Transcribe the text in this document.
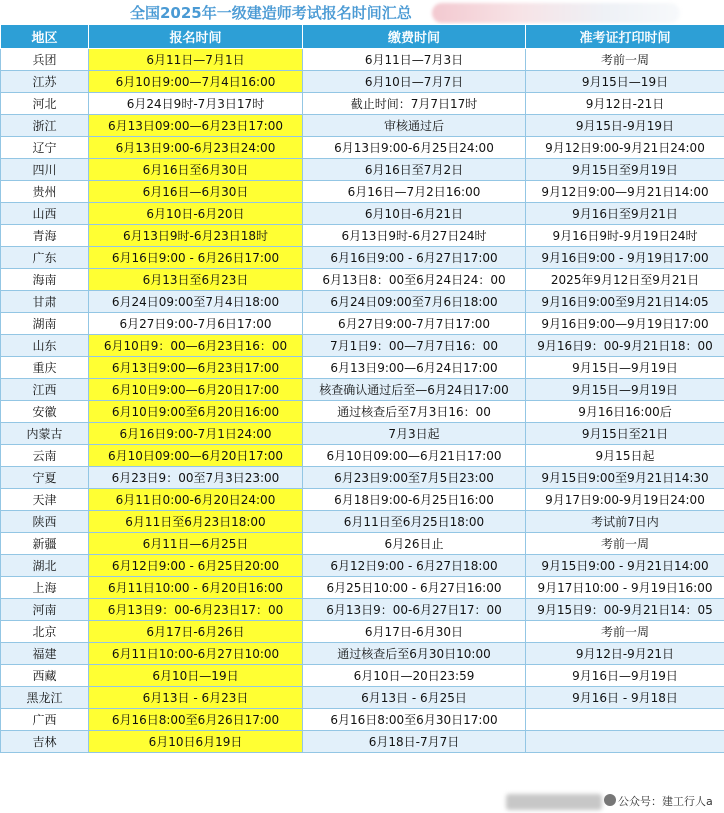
全国2025年一级建造师考试报名时间汇总
地区	报名时间	缴费时间	准考证打印时间
兵团	6月11日—7月1日	6月11日—7月3日	考前一周
江苏	6月10日9:00—7月4日16:00	6月10日—7月7日	9月15日—19日
河北	6月24日9时-7月3日17时	截止时间：7月7日17时	9月12日-21日
浙江	6月13日09:00—6月23日17:00	审核通过后	9月15日-9月19日
辽宁	6月13日9:00-6月23日24:00	6月13日9:00-6月25日24:00	9月12日9:00-9月21日24:00
四川	6月16日至6月30日	6月16日至7月2日	9月15日至9月19日
贵州	6月16日—6月30日	6月16日—7月2日16:00	9月12日9:00—9月21日14:00
山西	6月10日-6月20日	6月10日-6月21日	9月16日至9月21日
青海	6月13日9时-6月23日18时	6月13日9时-6月27日24时	9月16日9时-9月19日24时
广东	6月16日9:00 - 6月26日17:00	6月16日9:00 - 6月27日17:00	9月16日9:00 - 9月19日17:00
海南	6月13日至6月23日	6月13日8：00至6月24日24：00	2025年9月12日至9月21日
甘肃	6月24日09:00至7月4日18:00	6月24日09:00至7月6日18:00	9月16日9:00至9月21日14:05
湖南	6月27日9:00-7月6日17:00	6月27日9:00-7月7日17:00	9月16日9:00—9月19日17:00
山东	6月10日9：00—6月23日16：00	7月1日9：00—7月7日16：00	9月16日9：00-9月21日18：00
重庆	6月13日9:00—6月23日17:00	6月13日9:00—6月24日17:00	9月15日—9月19日
江西	6月10日9:00—6月20日17:00	核查确认通过后至—6月24日17:00	9月15日—9月19日
安徽	6月10日9:00至6月20日16:00	通过核查后至7月3日16：00	9月16日16:00后
内蒙古	6月16日9:00-7月1日24:00	7月3日起	9月15日至21日
云南	6月10日09:00—6月20日17:00	6月10日09:00—6月21日17:00	9月15日起
宁夏	6月23日9：00至7月3日23:00	6月23日9:00至7月5日23:00	9月15日9:00至9月21日14:30
天津	6月11日0:00-6月20日24:00	6月18日9:00-6月25日16:00	9月17日9:00-9月19日24:00
陕西	6月11日至6月23日18:00	6月11日至6月25日18:00	考试前7日内
新疆	6月11日—6月25日	6月26日止	考前一周
湖北	6月12日9:00 - 6月25日20:00	6月12日9:00 - 6月27日18:00	9月15日9:00 - 9月21日14:00
上海	6月11日10:00 - 6月20日16:00	6月25日10:00 - 6月27日16:00	9月17日10:00 - 9月19日16:00
河南	6月13日9：00-6月23日17：00	6月13日9：00-6月27日17：00	9月15日9：00-9月21日14：05
北京	6月17日-6月26日	6月17日-6月30日	考前一周
福建	6月11日10:00-6月27日10:00	通过核查后至6月30日10:00	9月12日-9月21日
西藏	6月10日—19日	6月10日—20日23:59	9月16日—9月19日
黑龙江	6月13日 - 6月23日	6月13日 - 6月25日	9月16日 - 9月18日
广西	6月16日8:00至6月26日17:00	6月16日8:00至6月30日17:00	
吉林	6月10日6月19日	6月18日-7月7日	
公众号：建工行人a
